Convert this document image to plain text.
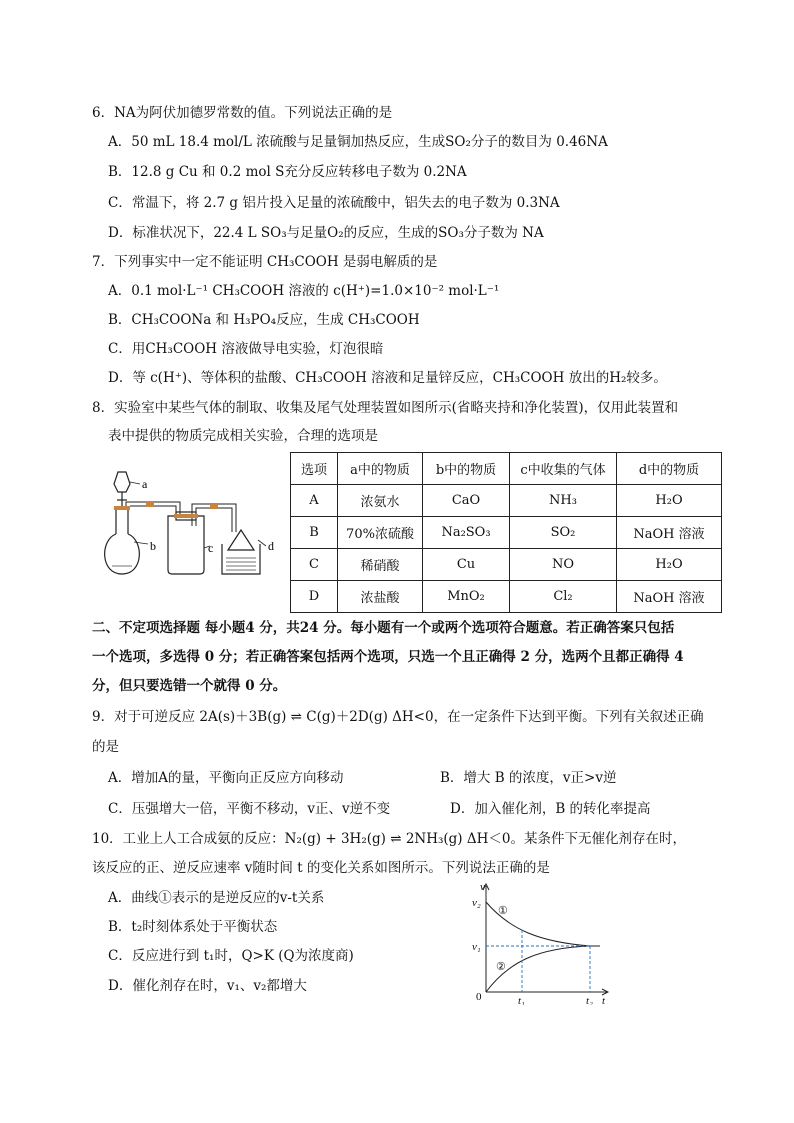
6．NA为阿伏加德罗常数的值。下列说法正确的是
A．50 mL 18.4 mol/L 浓硫酸与足量铜加热反应，生成SO₂分子的数目为 0.46NA
B．12.8 g Cu 和 0.2 mol S充分反应转移电子数为 0.2NA
C．常温下，将 2.7 g 铝片投入足量的浓硫酸中，铝失去的电子数为 0.3NA
D．标准状况下，22.4 L SO₃与足量O₂的反应，生成的SO₃分子数为 NA
7．下列事实中一定不能证明 CH₃COOH 是弱电解质的是
A．0.1 mol·L⁻¹ CH₃COOH 溶液的 c(H⁺)=1.0×10⁻² mol·L⁻¹
B．CH₃COONa 和 H₃PO₄反应，生成 CH₃COOH
C．用CH₃COOH 溶液做导电实验，灯泡很暗
D．等 c(H⁺)、等体积的盐酸、CH₃COOH 溶液和足量锌反应，CH₃COOH 放出的H₂较多。
8．实验室中某些气体的制取、收集及尾气处理装置如图所示(省略夹持和净化装置)，仅用此装置和
表中提供的物质完成相关实验，合理的选项是
a
b	c	d
选项	a中的物质	b中的物质	c中收集的气体	d中的物质
A	浓氨水	CaO	NH₃	H₂O
B	70%浓硫酸	Na₂SO₃	SO₂	NaOH 溶液
C	稀硝酸	Cu	NO	H₂O
D	浓盐酸	MnO₂	Cl₂	NaOH 溶液
二、不定项选择题 每小题4 分，共24 分。每小题有一个或两个选项符合题意。若正确答案只包括
一个选项，多选得 0 分；若正确答案包括两个选项，只选一个且正确得 2 分，选两个且都正确得 4
分，但只要选错一个就得 0 分。
9．对于可逆反应 2A(s)＋3B(g) ⇌ C(g)＋2D(g) ΔH<0，在一定条件下达到平衡。下列有关叙述正确
的是
A．增加A的量，平衡向正反应方向移动	B．增大 B 的浓度，v正>v逆
C．压强增大一倍，平衡不移动，v正、v逆不变	D．加入催化剂，B 的转化率提高
10．工业上人工合成氨的反应：N₂(g) + 3H₂(g) ⇌ 2NH₃(g) ΔH＜0。某条件下无催化剂存在时，
该反应的正、逆反应速率 v随时间 t 的变化关系如图所示。下列说法正确的是
A．曲线①表示的是逆反应的v-t关系
B．t₂时刻体系处于平衡状态
C．反应进行到 t₁时，Q>K (Q为浓度商)
D．催化剂存在时，v₁、v₂都增大
v
v₂
v₁
0	t₁	t₂ t
①
②
